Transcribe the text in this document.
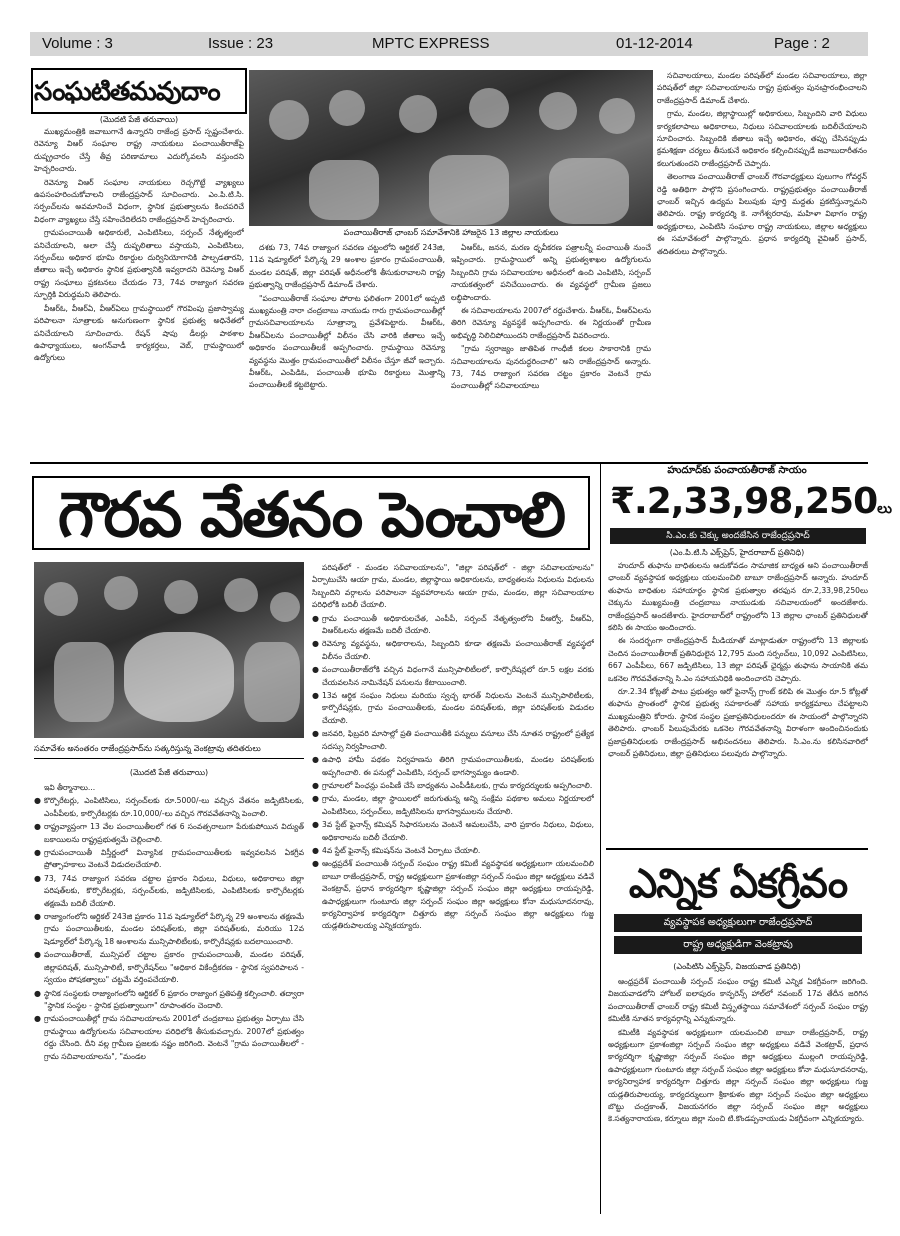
Volume : 3	Issue : 23	MPTC EXPRESS	01-12-2014	Page : 2
సంఘటితమవుదాం
(మొదటి పేజీ తరువాయి)

ముఖ్యమంత్రికి జవాబుగానే ఉన్నారని రాజేంద్ర ప్రసాద్ స్పష్టంచేశారు. రెవెన్యూ విఆర్ సంఘాల రాష్ట్ర నాయకులు పంచాయితీరాజ్‌పై దుష్ప్రచారం చేస్తే తీవ్ర పరిణామాలు ఎదుర్కోవలసి వస్తుందని హెచ్చరించారు.

రెవెన్యూ విఆర్ సంఘాల నాయకులు రెచ్చగొట్టే వ్యాఖ్యలు ఉపసంహరించుకోవాలని రాజేంద్రప్రసాద్ సూచించారు. ఎం.పి.టి.సి. సర్పంచ్‌లను అవమానించే విధంగా, స్థానిక ప్రభుత్వాలను కించపరిచే విధంగా వ్యాఖ్యలు చేస్తే సహించేదిలేదని రాజేంద్రప్రసాద్ హెచ్చరించారు.

గ్రామపంచాయితీ అధికారులే, ఎంపిటిసిలు, సర్పంచ్ నేతృత్వంలో పనిచేయాలని, అలా చేస్తే దుష్ఫలితాలు వస్తాయని, ఎంపిటిసిలు, సర్పంచ్‌లు అధికార భూమి రికార్డుల దుర్వినియోగానికి పాల్పడతారని, జీతాలు ఇచ్చే అధికారం స్థానిక ప్రభుత్వానికి ఇవ్వరాదని రెవెన్యూ విఆర్ రాష్ట్ర సంఘాలు ప్రకటనలు చేయడం 73, 74వ రాజ్యాంగ సవరణ స్ఫూర్తికి విరుద్ధమని తెలిపారు.

వీఆర్ఓ, వీఆర్ఏ, వీఆర్ఏలు గ్రామస్థాయిలో గౌరవింపు ప్రజాస్వామ్య పరిపాలనా సూత్రాలకు అనుగుణంగా స్థానిక ప్రభుత్వ అధినేతలో పనిచేయాలని సూచించారు. రేషన్ షాపు డీలర్లు పాఠశాల ఉపాధ్యాయులు, అంగన్‌వాడీ కార్యకర్తలు, వెబ్, గ్రామస్థాయిలో ఉద్యోగులు

పంచాయితీరాజ్ ఛాంబర్ సమావేశానికి హాజరైన 13 జిల్లాల నాయకులు

దశకు 73, 74వ రాజ్యాంగ సవరణ చట్టంలోని ఆర్టికల్ 243జి, 11వ షెడ్యూల్‌లో పేర్కొన్న 29 అంశాల ప్రకారం గ్రామపంచాయితీ, మండల పరిషత్, జిల్లా పరిషత్ అధీనంలోకి తీసుకురావాలని రాష్ట్ర ప్రభుత్వాన్ని రాజేంద్రప్రసాద్ డిమాండ్ చేశారు.

"పంచాయితీరాజ్ సంఘాల పోరాట ఫలితంగా 2001లో అప్పటి ముఖ్యమంత్రి నారా చంద్రబాబు నాయుడు గారు గ్రామపంచాయితీల్లో గ్రామసచివాలయాలను సూత్రాన్నా ప్రవేశపెట్టారు. వీఆర్ఓ, వీఆర్ఏలను పంచాయితీల్లో విలీనం చేసి వారికి జీతాలు ఇచ్చే అధికారం పంచాయితీలకే అప్పగించారు. గ్రామస్థాయి రెవెన్యూ వ్యవస్థను మొత్తం గ్రామపంచాయితీలో విలీనం చేస్తూ జీవో ఇచ్చారు. వీఆర్ఓ, ఎంపిడిఓ, పంచాయితీ భూమి రికార్డులు మొత్తాన్ని పంచాయితీలకే కట్టబెట్టారు.

ఏఆర్ఓ, జనన, మరణ ధృవీకరణ పత్రాలన్నీ పంచాయితీ నుంచే ఇప్పించారు. గ్రామస్థాయిలో అన్ని ప్రభుత్వశాఖల ఉద్యోగులను సిబ్బందిని గ్రామ సచివాలయాల అధీనంలో ఉంచి ఎంపిటిసి, సర్పంచ్ నాయకత్వంలో పనిచేయించారు. ఈ వ్యవస్థలో గ్రామీణ ప్రజలు లబ్ధిపొందారు.

ఈ సచివాలయాలను 2007లో రద్దుచేశారు. వీఆర్ఓ, వీఆర్ఏలను తిరిగి రెవెన్యూ వ్యవస్థకే అప్పగించారు. ఈ నిర్ణయంతో గ్రామీణ అభివృద్ధి నిలిచిపోయిందని రాజేంద్రప్రసాద్ వివరించారు.

"గ్రామ స్వరాజ్యం జాతిపిత గాంధీజీ కలల సాకారానికి గ్రామ సచివాలయాలను పునరుద్ధరించాలి" అని రాజేంద్రప్రసాద్ అన్నారు. 73, 74వ రాజ్యాంగ సవరణ చట్టం ప్రకారం వెంటనే గ్రామ పంచాయితీల్లో సచివాలయాలు

సచివాలయాలు, మండల పరిషత్‌లో మండల సచివాలయాలు, జిల్లా పరిషత్‌లో జిల్లా సచివాలయాలను రాష్ట్ర ప్రభుత్వం పునఃప్రారంభించాలని రాజేంద్రప్రసాద్ డిమాండ్ చేశారు.

గ్రామ, మండల, జిల్లాస్థాయిల్లో అధికారులు, సిబ్బందిని వారి విధులు కార్యకలాపాలు అధికారాలు, నిధులు సచివాలయాలకు బదిలీచేయాలని సూచించారు. సిబ్బందికి జీతాలు ఇచ్చే అధికారం, తప్పు చేసినప్పుడు క్రమశిక్షణా చర్యలు తీసుకునే అధికారం కల్పించినప్పుడే జవాబుదారీతనం కలుగుతుందని రాజేంద్రప్రసాద్ చెప్పారు.

తెలంగాణ పంచాయితీరాజ్ ఛాంబర్ గౌరవాధ్యక్షులు పులుగాం గోవర్ధన్ రెడ్డి అతిథిగా పాల్గొని ప్రసంగించారు. రాష్ట్రప్రభుత్వం పంచాయితీరాజ్ ఛాంబర్ ఇచ్చిన ఉద్యమ పిలుపుకు పూర్తి మద్దతు ప్రకటిస్తున్నామని తెలిపారు. రాష్ట్ర కార్యదర్శి కె. నాగేశ్వరరావు, మహిళా విభాగం రాష్ట్ర అధ్యక్షురాలు, ఎంపిటిసి సంఘాల రాష్ట్ర నాయకులు, జిల్లాల అధ్యక్షులు ఈ సమావేశంలో పాల్గొన్నారు. ప్రధాన కార్యదర్శి వైవిఆర్ ప్రసాద్, తదితరులు పాల్గొన్నారు.

గౌరవ వేతనం పెంచాలి
సమావేశం అనంతరం రాజేంద్రప్రసాద్‌ను సత్కరిస్తున్న వెంకట్రావు తదితరులు
(మొదటి పేజీ తరువాయి)

ఇవి తీర్మానాలు...

● కొర్పొరేటర్లు, ఎంపిటిసిలు, సర్పంచ్‌లకు రూ.5000/-లు వచ్చిన వేతనం జడ్పిటిసిలకు, ఎంపీపీలకు, కార్పొరేటర్లకు రూ.10,000/-లు వచ్చిన గౌరవవేతనాన్ని పెంచాలి.

● రాష్ట్రవ్యాప్తంగా 13 వేల పంచాయితీలలో గత 6 సంవత్సరాలుగా పేరుకుపోయిన విద్యుత్ బకాయిలను రాష్ట్రప్రభుత్వమే చెల్లించాలి.

● గ్రామపంచాయితీ విస్తీర్ణంలో విన్యాసిక గ్రామపంచాయితీలకు ఇవ్వవలసిన ఏకగ్రీవ ప్రోత్సాహకాలు వెంటనే విడుదలచేయాలి.

● 73, 74వ రాజ్యాంగ సవరణ చట్టాల ప్రకారం నిధులు, విధులు, అధికారాలు జిల్లా పరిషత్‌లకు, కొర్పొరేటర్లకు, సర్పంచ్‌లకు, జడ్పిటిసిలకు, ఎంపిటిసిలకు కార్పొరేటర్లకు తక్షణమే బదిలీ చేయాలి.

● రాజ్యాంగంలోని ఆర్టికల్ 243జి ప్రకారం 11వ షెడ్యూల్‌లో పేర్కొన్న 29 అంశాలను తక్షణమే గ్రామ పంచాయితీలకు, మండల పరిషత్‌లకు, జిల్లా పరిషత్‌లకు, మరియు 12వ షెడ్యూల్‌లో పేర్కొన్న 18 అంశాలను మున్సిపాలిటీలకు, కార్పొరేషన్లకు బదలాయించాలి.

● పంచాయితీరాజ్, మున్సిపల్ చట్టాల ప్రకారం గ్రామపంచాయితీ, మండల పరిషత్, జిల్లాపరిషత్, మున్సిపాలిటీ, కార్పొరేషన్‌లు "అధికార వికేంద్రీకరణ - స్థానిక స్వపరిపాలన - స్వయం పోషకత్వాలు" చట్టమే వర్తింపచేయాలి.

● స్థానిక సంస్థలకు రాజ్యాంగంలోని ఆర్టికల్ 6 ప్రకారం రాజ్యాంగ ప్రతిపత్తి కల్పించాలి. తద్వారా "స్థానిక సంస్థల - స్థానిక ప్రభుత్వాలుగా" రూపాంతరం చెందాలి.

● గ్రామపంచాయితీల్లో గ్రామ సచివాలయాలను 2001లో చంద్రబాబు ప్రభుత్వం ఏర్పాటు చేసి గ్రామస్థాయి ఉద్యోగులను సచివాలయాల పరిధిలోకి తీసుకువచ్చారు. 2007లో ప్రభుత్వం రద్దు చేసింది. దీని వల్ల గ్రామీణ ప్రజలకు నష్టం జరిగింది. వెంటనే "గ్రామ పంచాయితీలలో - గ్రామ సచివాలయాలను", "మండల

పరిషత్‌లో - మండల సచివాలయాలను", "జిల్లా పరిషత్‌లో - జిల్లా సచివాలయాలను" ఏర్పాటుచేసి ఆయా గ్రామ, మండల, జిల్లాస్థాయి అధికారులను, బాధ్యతలను నిధులను విధులను సిబ్బందిని వర్గాలను పరిపాలనా వ్యవహారాలను ఆయా గ్రామ, మండల, జిల్లా సచివాలయాల పరిధిలోకి బదిలీ చేయాలి.

● గ్రామ పంచాయితీ అధికారులచేత, ఎంపీపీ, సర్పంచ్ నేతృత్వంలోని వీఆర్వో, వీఆర్ఏ, విఆర్ఓలను తక్షణమే బదిలీ చేయాలి.

● రెవెన్యూ వ్యవస్థను, అధికారాలను, సిబ్బందిని కూడా తక్షణమే పంచాయితీరాజ్ వ్యవస్థలో విలీనం చేయాలి.

● పంచాయితీరాజ్‌లోకి వచ్చిన విధంగానే మున్సిపాలిటీలలో, కార్పొరేషన్లలో రూ.5 లక్షల వరకు చేయవలసిన నామినేషన్ పనులను కేటాయించాలి.

● 13వ ఆర్థిక సంఘం నిధులు మరియు స్వచ్ఛ భారత్ నిధులను వెంటనే మున్సిపాలిటీలకు, కార్పొరేషన్లకు, గ్రామ పంచాయితీలకు, మండల పరిషత్‌లకు, జిల్లా పరిషత్‌లకు విడుదల చేయాలి.

● జనవరి, ఫిబ్రవరి మాసాల్లో ప్రతి పంచాయితీకి పన్నులు వసూలు చేసి నూతన రాష్ట్రంలో ప్రత్యేక సదస్సు నిర్వహించాలి.

● ఉపాధి హామీ పథకం నిర్వహణను తిరిగి గ్రామపంచాయితీలకు, మండల పరిషత్‌లకు అప్పగించాలి. ఈ పనుల్లో ఎంపిటిసి, సర్పంచ్ భాగస్వామ్యం ఉండాలి.

● గ్రామాలలో పింఛన్లు పంపిణీ చేసే బాధ్యతను ఎంపీడీఓలకు, గ్రామ కార్యదర్శులకు అప్పగించాలి.

● గ్రామ, మండల, జిల్లా స్థాయిలలో జరుగుతున్న అన్ని సంక్షేమ పథకాల అమలు నిర్ణయాలలో ఎంపిటిసిలు, సర్పంచ్‌లు, జడ్పిటిసిలను భాగస్వాములను చేయాలి.

● 3వ స్టేట్ ఫైనాన్స్ కమిషన్ సిఫారసులను వెంటనే అమలుచేసి, వారి ప్రకారం నిధులు, విధులు, అధికారాలను బదిలీ చేయాలి.

● 4వ స్టేట్ ఫైనాన్స్ కమిషన్‌ను వెంటనే ఏర్పాటు చేయాలి.

● ఆంధ్రప్రదేశ్ పంచాయితీ సర్పంచ్ సంఘం రాష్ట్ర కమిటీ వ్యవస్థాపక అధ్యక్షులుగా యలమంచిలి బాబూ రాజేంద్రప్రసాద్, రాష్ట్ర అధ్యక్షులుగా ప్రకాశంజిల్లా సర్పంచ్ సంఘం జిల్లా అధ్యక్షులు వడివే వెంకట్రావ్, ప్రధాన కార్యదర్శిగా కృష్ణాజిల్లా సర్పంచ్ సంఘం జిల్లా అధ్యక్షులు రాయప్పరెడ్డి, ఉపాధ్యక్షులుగా గుంటూరు జిల్లా సర్పంచ్ సంఘం జిల్లా అధ్యక్షులు కోనా మధుసూదనరావు, కార్యనిర్వాహక కార్యదర్శిగా చిత్తూరు జిల్లా సర్పంచ్ సంఘం జిల్లా అధ్యక్షులు గుజ్జ యడ్లతిరుపాలయ్య ఎన్నికయ్యారు.

హుదూద్‌కు పంచాయతీరాజ్ సాయం
₹.2,33,98,250లు
సి.ఎం.కు చెక్కు అందజేసిన రాజేంద్రప్రసాద్
(ఎం.పి.టి.సి ఎక్స్‌ప్రెస్, హైదరాబాద్ ప్రతినిధి)

హుదూద్ తుఫాను బాధితులను ఆదుకోవడం సామాజిక బాధ్యత అని పంచాయితీరాజ్ ఛాంబర్ వ్యవస్థాపక అధ్యక్షులు యలమంచిలి బాబూ రాజేంద్రప్రసాద్ అన్నారు. హుదూద్ తుఫాను బాధితుల సహాయార్థం స్థానిక ప్రభుత్వాల తరఫున రూ.2,33,98,250లు చెక్కును ముఖ్యమంత్రి చంద్రబాబు నాయుడుకు సచివాలయంలో అందజేశారు. రాజేంద్రప్రసాద్ అందజేశారు. హైదరాబాద్‌లో రాష్ట్రంలోని 13 జిల్లాల ఛాంబర్ ప్రతినిధులతో కలిసి ఈ సాయం అందించారు.

ఈ సందర్భంగా రాజేంద్రప్రసాద్ మీడియాతో మాట్లాడుతూ రాష్ట్రంలోని 13 జిల్లాలకు చెందిన పంచాయితీరాజ్ ప్రతినిధులైన 12,795 మంది సర్పంచ్‌లు, 10,092 ఎంపిటిసిలు, 667 ఎంపీపీలు, 667 జడ్పిటిసిలు, 13 జిల్లా పరిషత్ ఛైర్మన్లు తుఫాను సాయానికి తమ ఒకనెల గౌరవవేతనాన్ని సి.ఎం సహాయనిధికి అందించారని చెప్పారు.

రూ.2.34 కోట్లతో పాటు ప్రభుత్వం ఆరో ఫైనాన్స్ గ్రాంట్ కలిపి ఈ మొత్తం రూ.5 కోట్లతో తుఫాను ప్రాంతంలో స్థానిక ప్రభుత్వ సహకారంతో సహాయ కార్యక్రమాలు చేపట్టాలని ముఖ్యమంత్రిని కోరారు. స్థానిక సంస్థల ప్రజాప్రతినిధులందరూ ఈ సాయంలో పాల్గొన్నారని తెలిపారు. ఛాంబర్ పిలుపుమేరకు ఒకనెల గౌరవవేతనాన్ని విరాళంగా అందించినందుకు ప్రజాప్రతినిధులకు రాజేంద్రప్రసాద్ అభినందనలు తెలిపారు. సి.ఎం.ను కలిసినవారిలో ఛాంబర్ ప్రతినిధులు, జిల్లా ప్రతినిధులు పలువురు పాల్గొన్నారు.

ఎన్నిక ఏకగ్రీవం
వ్యవస్థాపక అధ్యక్షులుగా రాజేంద్రప్రసాద్
రాష్ట్ర అధ్యక్షుడిగా వెంకట్రావు
(ఎంపిటిసి ఎక్స్‌ప్రెస్, విజయవాడ ప్రతినిధి)

ఆంధ్రప్రదేశ్ పంచాయితీ సర్పంచ్ సంఘం రాష్ట్ర కమిటీ ఎన్నిక ఏకగ్రీవంగా జరిగింది. విజయవాడలోని హోటల్ ఐలాపురం కాన్ఫరెన్స్ హాల్‌లో నవంబర్ 17వ తేదీన జరిగిన పంచాయితీరాజ్ ఛాంబర్ రాష్ట్ర కమిటీ విస్తృతస్థాయి సమావేశంలో సర్పంచ్ సంఘం రాష్ట్ర కమిటీకి నూతన కార్యవర్గాన్ని ఎన్నుకున్నారు.

కమిటీకి వ్యవస్థాపక అధ్యక్షులుగా యలమంచిలి బాబూ రాజేంద్రప్రసాద్, రాష్ట్ర అధ్యక్షులుగా ప్రకాశంజిల్లా సర్పంచ్ సంఘం జిల్లా అధ్యక్షులు వడివే వెంకట్రావ్, ప్రధాన కార్యదర్శిగా కృష్ణాజిల్లా సర్పంచ్ సంఘం జిల్లా అధ్యక్షులు ముల్లంగి రాయప్పరెడ్డి, ఉపాధ్యక్షులుగా గుంటూరు జిల్లా సర్పంచ్ సంఘం జిల్లా అధ్యక్షులు కోనా మధుసూదనరావు, కార్యనిర్వాహక కార్యదర్శిగా చిత్తూరు జిల్లా సర్పంచ్ సంఘం జిల్లా అధ్యక్షులు గుజ్జ యడ్లతిరుపాలయ్య, కార్యదర్శులుగా శ్రీకాకుళం జిల్లా సర్పంచ్ సంఘం జిల్లా అధ్యక్షులు బొట్టు చంద్రకాంత్, విజయనగరం జిల్లా సర్పంచ్ సంఘం జిల్లా అధ్యక్షులు కె.సత్యనారాయణ, కర్నూలు జిల్లా నుంచి టి.కొండప్పనాయుడు ఏకగ్రీవంగా ఎన్నికయ్యారు.
